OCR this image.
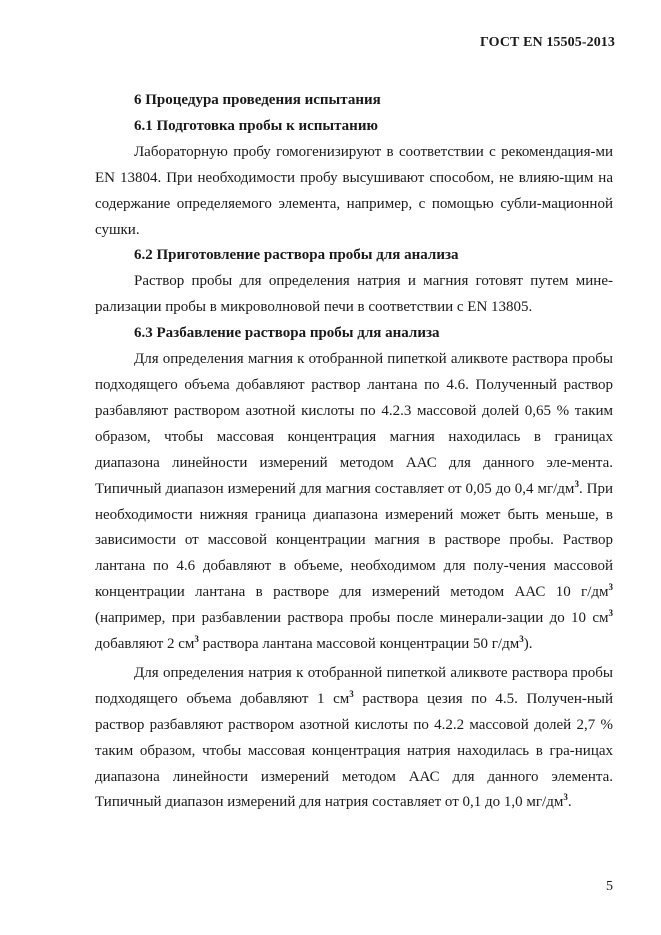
ГОСТ EN 15505-2013
6 Процедура проведения испытания
6.1 Подготовка пробы к испытанию

Лабораторную пробу гомогенизируют в соответствии с рекомендация-ми EN 13804. При необходимости пробу высушивают способом, не влияю-щим на содержание определяемого элемента, например, с помощью субли-мационной сушки.

6.2 Приготовление раствора пробы для анализа

Раствор пробы для определения натрия и магния готовят путем мине-рализации пробы в микроволновой печи в соответствии с EN 13805.

6.3 Разбавление раствора пробы для анализа

Для определения магния к отобранной пипеткой аликвоте раствора пробы подходящего объема добавляют раствор лантана по 4.6. Полученный раствор разбавляют раствором азотной кислоты по 4.2.3 массовой долей 0,65 % таким образом, чтобы массовая концентрация магния находилась в границах диапазона линейности измерений методом ААС для данного эле-мента. Типичный диапазон измерений для магния составляет от 0,05 до 0,4 $мг/дм^3$. При необходимости нижняя граница диапазона измерений может быть меньше, в зависимости от массовой концентрации магния в растворе пробы. Раствор лантана по 4.6 добавляют в объеме, необходимом для полу-чения массовой концентрации лантана в растворе для измерений методом ААС 10 $г/дм^3$ (например, при разбавлении раствора пробы после минерали-зации до 10 $см^3$ добавляют 2 $см^3$ раствора лантана массовой концентрации 50 $г/дм^3$).

Для определения натрия к отобранной пипеткой аликвоте раствора пробы подходящего объема добавляют 1 $см^3$ раствора цезия по 4.5. Получен-ный раствор разбавляют раствором азотной кислоты по 4.2.2 массовой долей 2,7 % таким образом, чтобы массовая концентрация натрия находилась в гра-ницах диапазона линейности измерений методом ААС для данного элемента. Типичный диапазон измерений для натрия составляет от 0,1 до 1,0 $мг/дм^3$.

5
